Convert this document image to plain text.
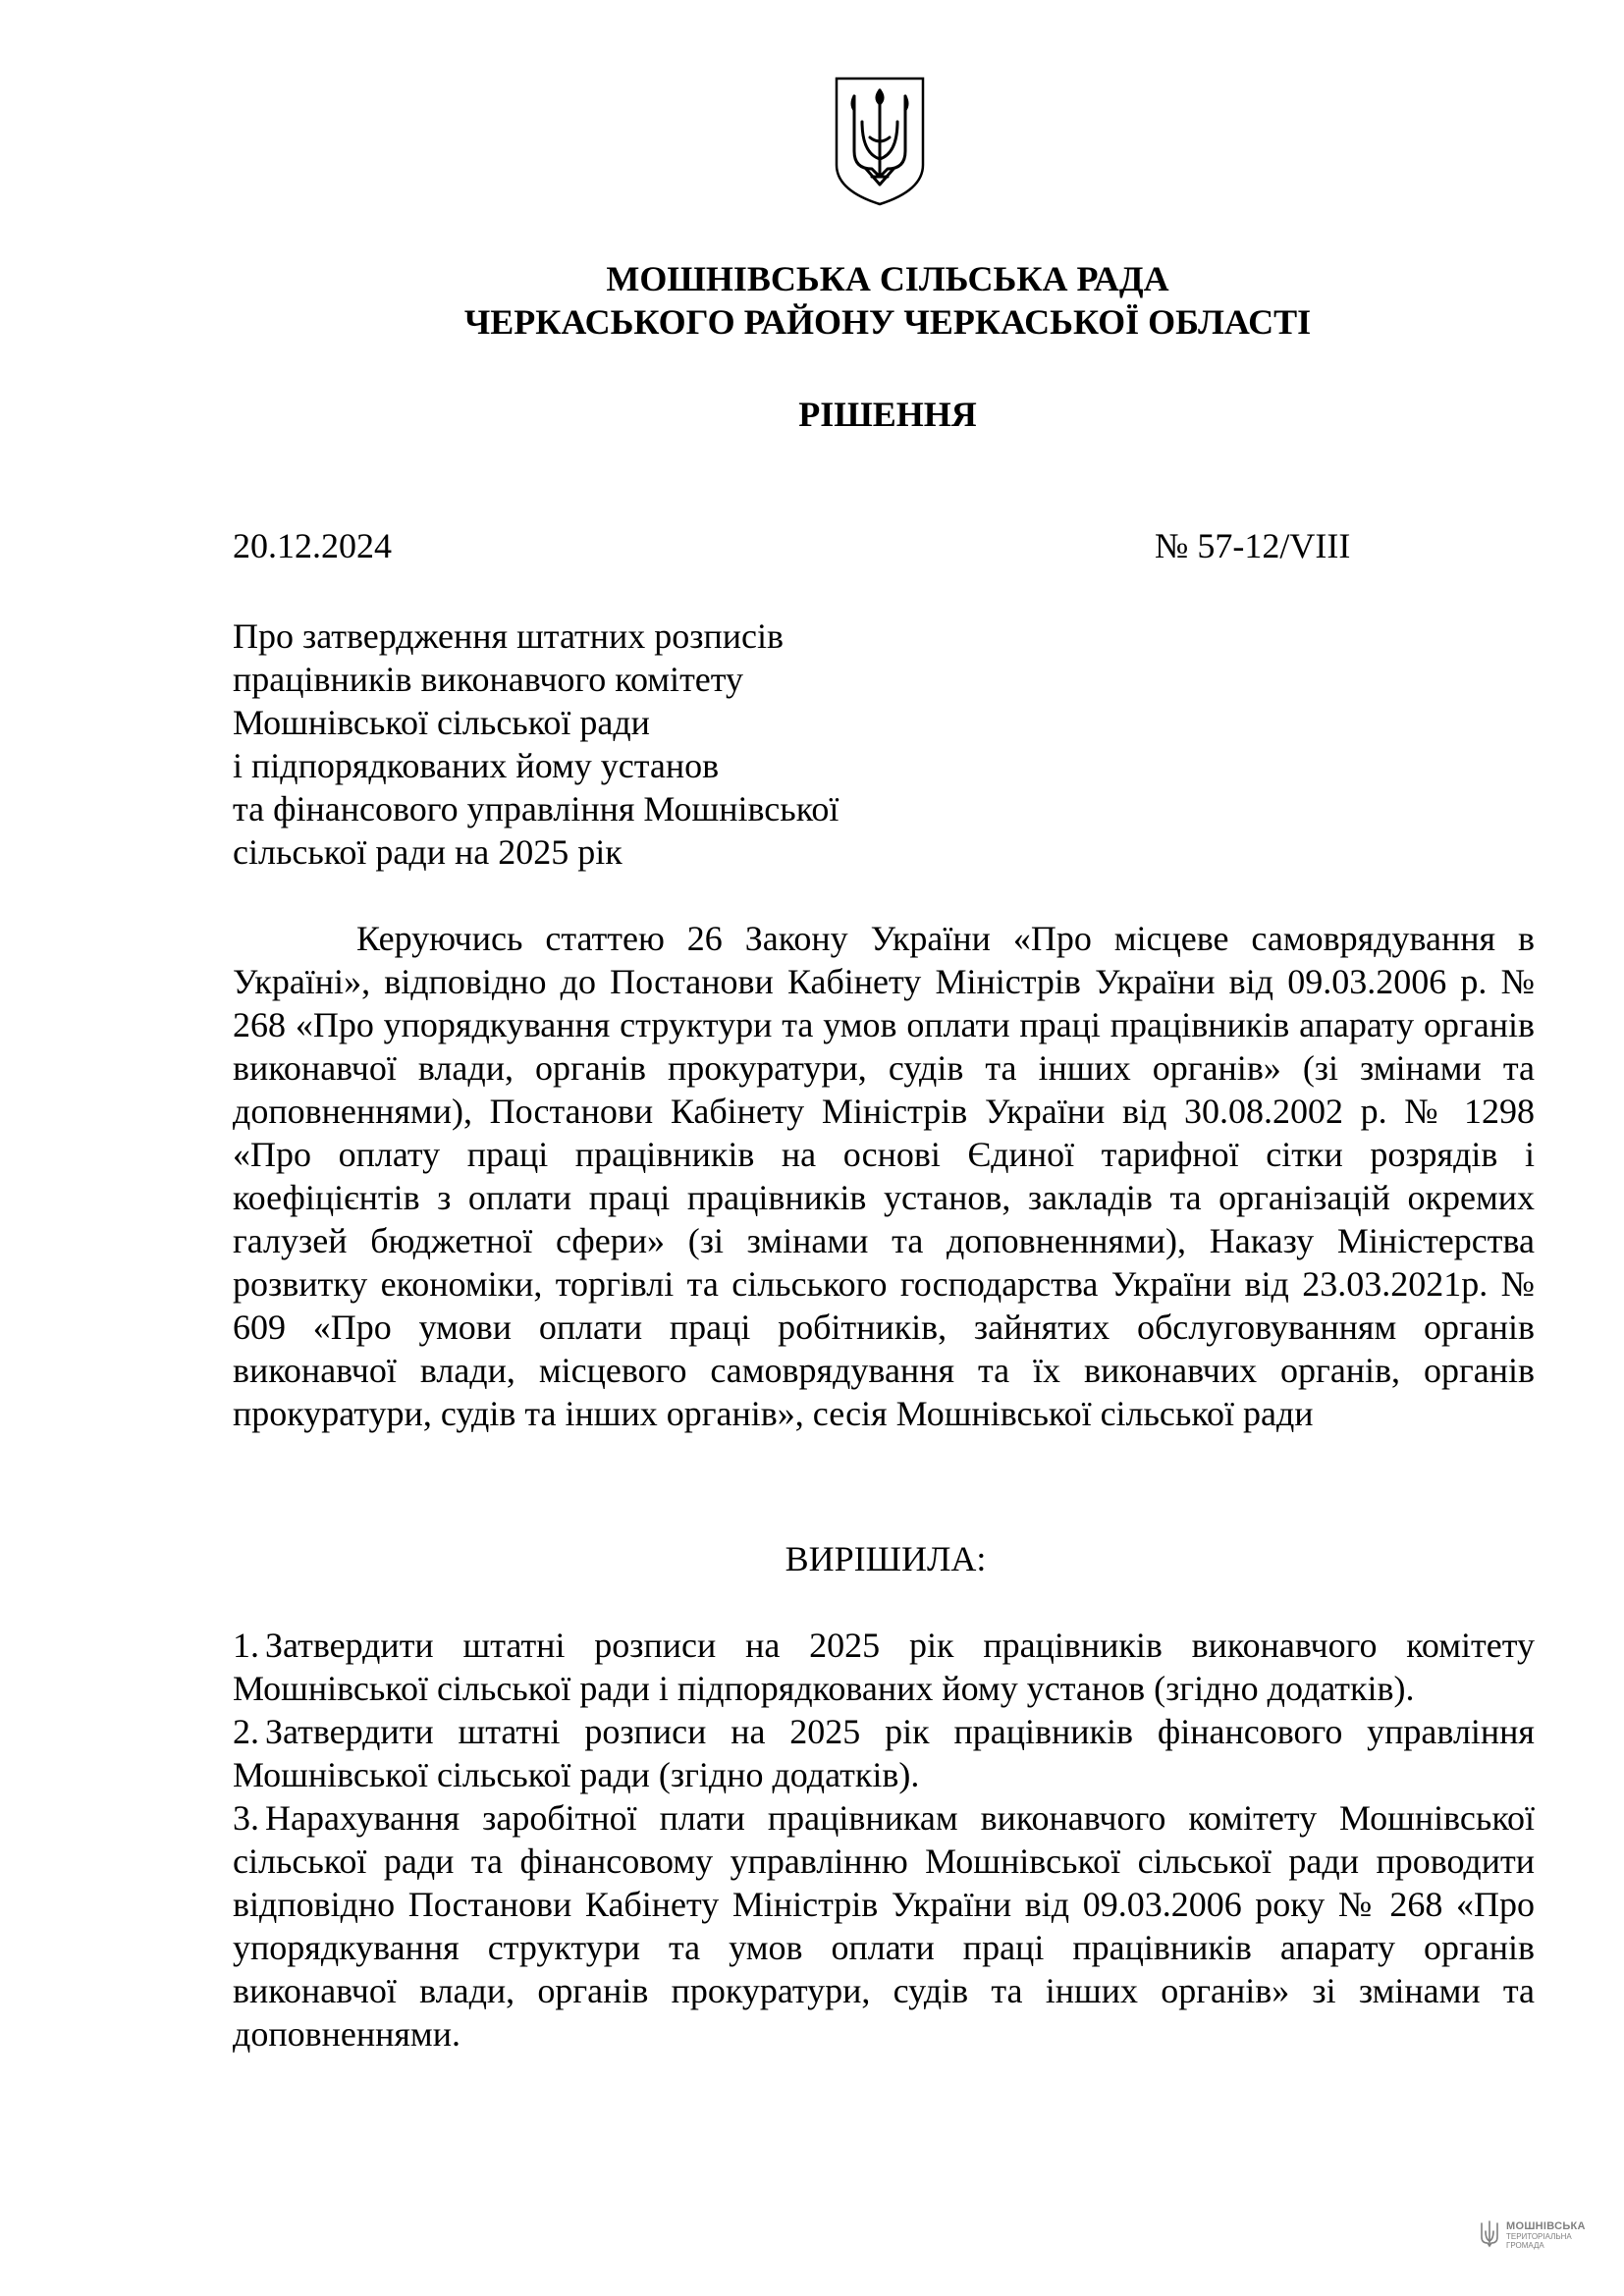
МОШНІВСЬКА СІЛЬСЬКА РАДА
ЧЕРКАСЬКОГО РАЙОНУ ЧЕРКАСЬКОЇ ОБЛАСТІ
РІШЕННЯ
20.12.2024	№ 57-12/VIII
Про затвердження штатних розписів
працівників виконавчого комітету
Мошнівської сільської ради
і підпорядкованих йому установ
та фінансового управління Мошнівської
сільської ради на 2025 рік

Керуючись статтею 26 Закону України «Про місцеве самоврядування в Україні», відповідно до Постанови Кабінету Міністрів України від 09.03.2006 р. № 268 «Про упорядкування структури та умов оплати праці працівників апарату органів виконавчої влади, органів прокуратури, судів та інших органів» (зі змінами та доповненнями), Постанови Кабінету Міністрів України від 30.08.2002 р. № 1298 «Про оплату праці працівників на основі Єдиної тарифної сітки розрядів і коефіцієнтів з оплати праці працівників установ, закладів та організацій окремих галузей бюджетної сфери» (зі змінами та доповненнями), Наказу Міністерства розвитку економіки, торгівлі та сільського господарства України від 23.03.2021р. № 609 «Про умови оплати праці робітників, зайнятих обслуговуванням органів виконавчої влади, місцевого самоврядування та їх виконавчих органів, органів прокуратури, судів та інших органів», сесія Мошнівської сільської ради

ВИРІШИЛА:

1. Затвердити штатні розписи на 2025 рік працівників виконавчого комітету Мошнівської сільської ради і підпорядкованих йому установ (згідно додатків).

2. Затвердити штатні розписи на 2025 рік працівників фінансового управління Мошнівської сільської ради (згідно додатків).

3. Нарахування заробітної плати працівникам виконавчого комітету Мошнівської сільської ради та фінансовому управлінню Мошнівської сільської ради проводити відповідно Постанови Кабінету Міністрів України від 09.03.2006 року № 268 «Про упорядкування структури та умов оплати праці працівників апарату органів виконавчої влади, органів прокуратури, судів та інших органів» зі змінами та доповненнями.

МОШНІВСЬКА
ТЕРИТОРІАЛЬНА
ГРОМАДА
